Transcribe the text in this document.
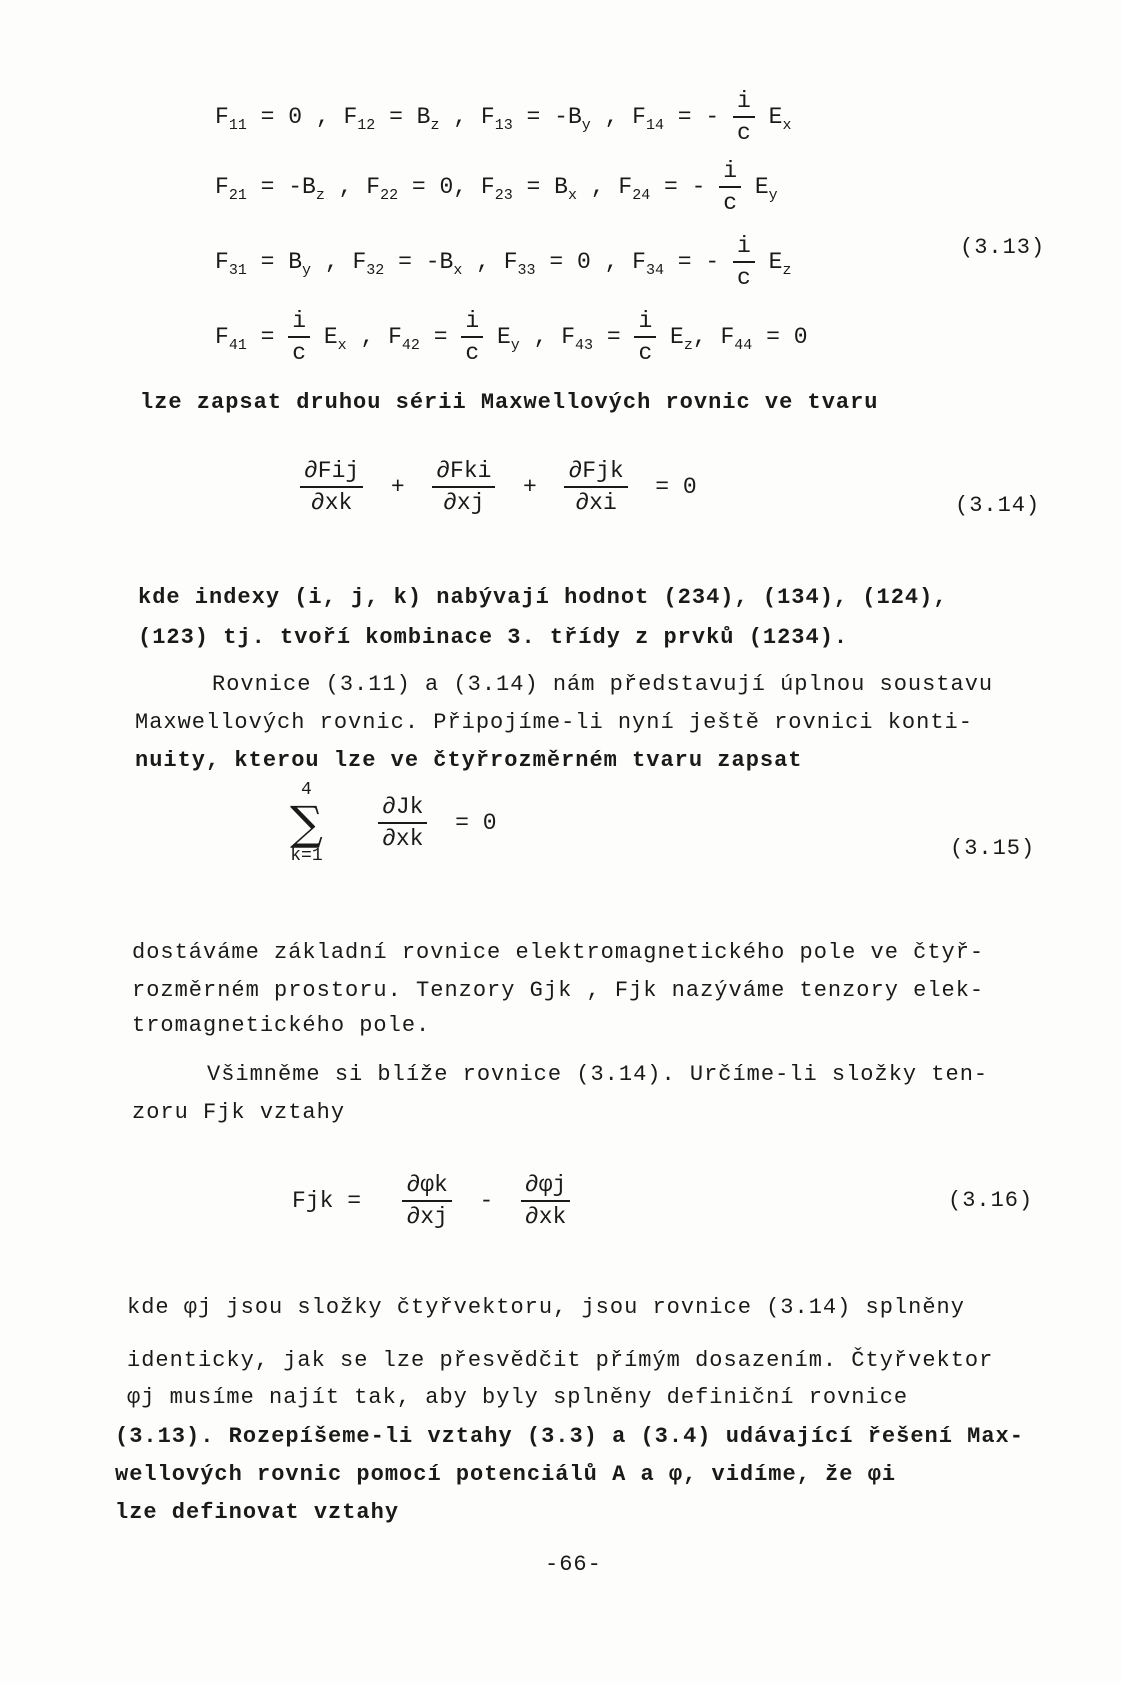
$F_{11} = 0$ , $F_{12} = B_z$ , $F_{13} = -B_y$ , $F_{14}$ = - $\frac{i}{c} E_x$
$F_{21} = -B_z$ , $F_{22} = 0$, $F_{23} = B_x$ , $F_{24}$ = - $\frac{i}{c} E_y$
$F_{31} = B_y$ , $F_{32} = -B_x$ , $F_{33} = 0$ , $F_{34}$ = - $\frac{i}{c} E_z$
$F_{41} = \frac{i}{c} E_x$ , $F_{42} = \frac{i}{c} E_y$ , $F_{43} = \frac{i}{c} E_z$, $F_{44} = 0$
(3.13)
lze zapsat druhou sérii Maxwellových rovnic ve tvaru
$\frac{\text{∂Fij}}{\partial xk} + \frac{\text{∂Fki}}{\partial xj} + \frac{\text{∂Fjk}}{\partial xi} = 0$
(3.14)
kde indexy (i, j, k) nabývají hodnot (234), (134), (124),
(123) tj. tvoří kombinace 3. třídy z prvků (1234).
Rovnice (3.11) a (3.14) nám představují úplnou soustavu
Maxwellových rovnic. Připojíme-li nyní ještě rovnici konti-
nuity, kterou lze ve čtyřrozměrném tvaru zapsat
4
∑
k=1

$\frac{\partial Jk}{\partial xk} = 0$
(3.15)
dostáváme základní rovnice elektromagnetického pole ve čtyř-
rozměrném prostoru. Tenzory Gjk , Fjk nazýváme tenzory elek-
tromagnetického pole.
Všimněme si blíže rovnice (3.14). Určíme-li složky ten-
zoru Fjk vztahy
Fjk = $\frac{\partial\varphi k}{\partial xj} - \frac{\partial\varphi j}{\partial xk}$	(3.16)
kde φj jsou složky čtyřvektoru, jsou rovnice (3.14) splněny
identicky, jak se lze přesvědčit přímým dosazením. Čtyřvektor
φj musíme najít tak, aby byly splněny definiční rovnice
(3.13). Rozepíšeme-li vztahy (3.3) a (3.4) udávající řešení Max-
wellových rovnic pomocí potenciálů A a φ, vidíme, že φi
lze definovat vztahy
-66-
